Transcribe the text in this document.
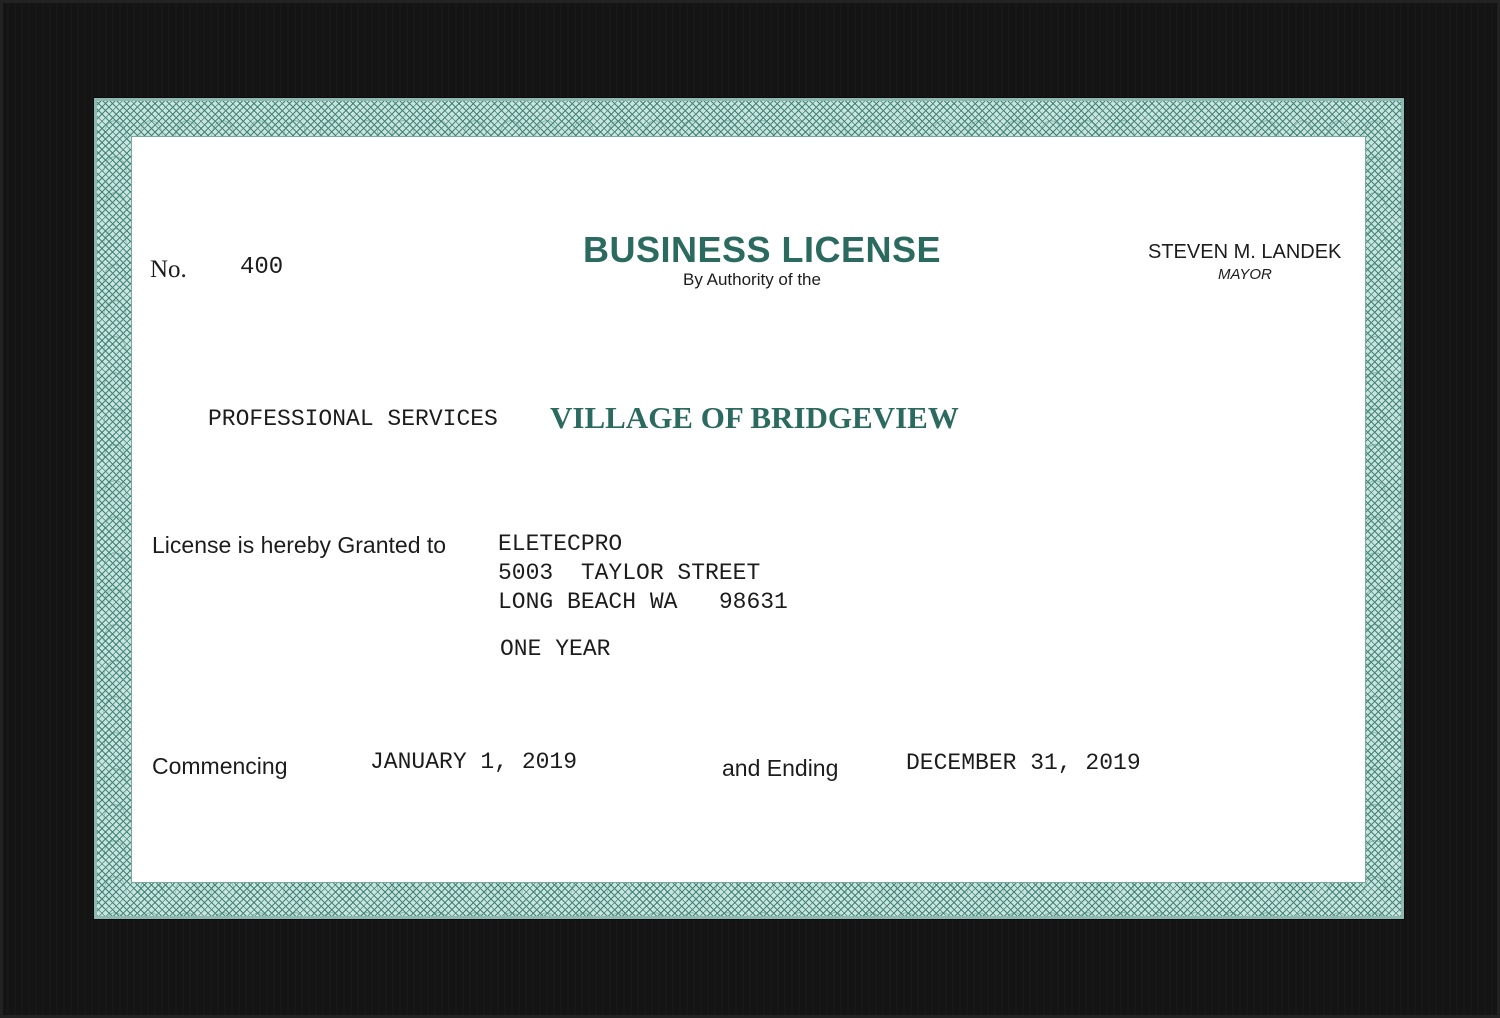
No. 400	BUSINESS LICENSE
By Authority of the
STEVEN M. LANDEK
MAYOR
PROFESSIONAL SERVICES VILLAGE OF BRIDGEVIEW
License is hereby Granted to ELETECPRO
5003  TAYLOR STREET
LONG BEACH WA   98631
ONE YEAR
Commencing	JANUARY 1, 2019	and Ending	DECEMBER 31, 2019
